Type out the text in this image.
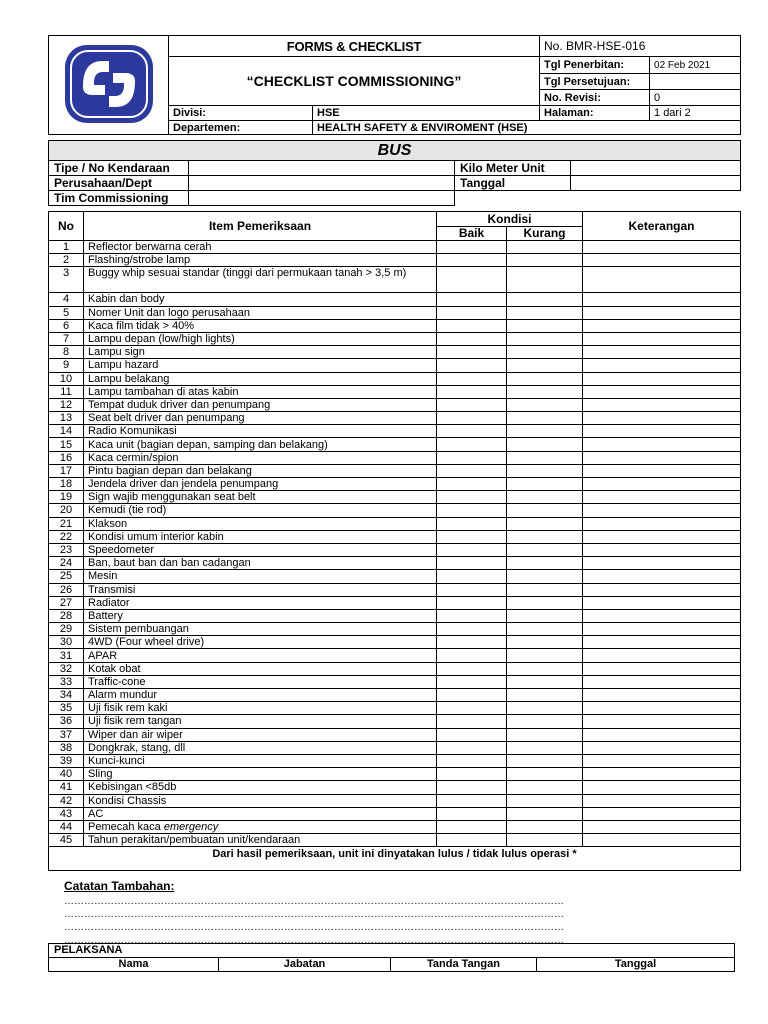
	FORMS & CHECKLIST		No. BMR-HSE-016	
	“CHECKLIST COMMISSIONING”		Tgl Penerbitan:	02 Feb 2021
			Tgl Persetujuan:	
			No. Revisi:	0
	Divisi:	HSE	Halaman:	1 dari 2
	Departemen:	HEALTH SAFETY & ENVIROMENT (HSE)		
BUS			
Tipe / No Kendaraan		Kilo Meter Unit	
Perusahaan/Dept		Tanggal	
Tim Commissioning			
No	Item Pemeriksaan	Kondisi		Keterangan
		Baik	Kurang	
1	Reflector berwarna cerah			
2	Flashing/strobe lamp			
3	Buggy whip sesuai standar (tinggi dari permukaan tanah > 3,5 m)			
4	Kabin dan body			
5	Nomer Unit dan logo perusahaan			
6	Kaca film tidak > 40%			
7	Lampu depan (low/high lights)			
8	Lampu sign			
9	Lampu hazard			
10	Lampu belakang			
11	Lampu tambahan di atas kabin			
12	Tempat duduk driver dan penumpang			
13	Seat belt driver dan penumpang			
14	Radio Komunikasi			
15	Kaca unit (bagian depan, samping dan belakang)			
16	Kaca cermin/spion			
17	Pintu bagian depan dan belakang			
18	Jendela driver dan jendela penumpang			
19	Sign wajib menggunakan seat belt			
20	Kemudi (tie rod)			
21	Klakson			
22	Kondisi umum interior kabin			
23	Speedometer			
24	Ban, baut ban dan ban cadangan			
25	Mesin			
26	Transmisi			
27	Radiator			
28	Battery			
29	Sistem pembuangan			
30	4WD (Four wheel drive)			
31	APAR			
32	Kotak obat			
33	Traffic-cone			
34	Alarm mundur			
35	Uji fisik rem kaki			
36	Uji fisik rem tangan			
37	Wiper dan air wiper			
38	Dongkrak, stang, dll			
39	Kunci-kunci			
40	Sling			
41	Kebisingan <85db			
42	Kondisi Chassis			
43	AC			
44	Pemecah kaca emergency			
45	Tahun perakitan/pembuatan unit/kendaraan			
Dari hasil pemeriksaan, unit ini dinyatakan lulus / tidak lulus operasi *				
Catatan Tambahan:
……………………………………………………………………………………………………………………………………
……………………………………………………………………………………………………………………………………
……………………………………………………………………………………………………………………………………
……………………………………………………………………………………………………………………………………
PELAKSANA
Nama	Jabatan	Tanda Tangan	Tanggal
